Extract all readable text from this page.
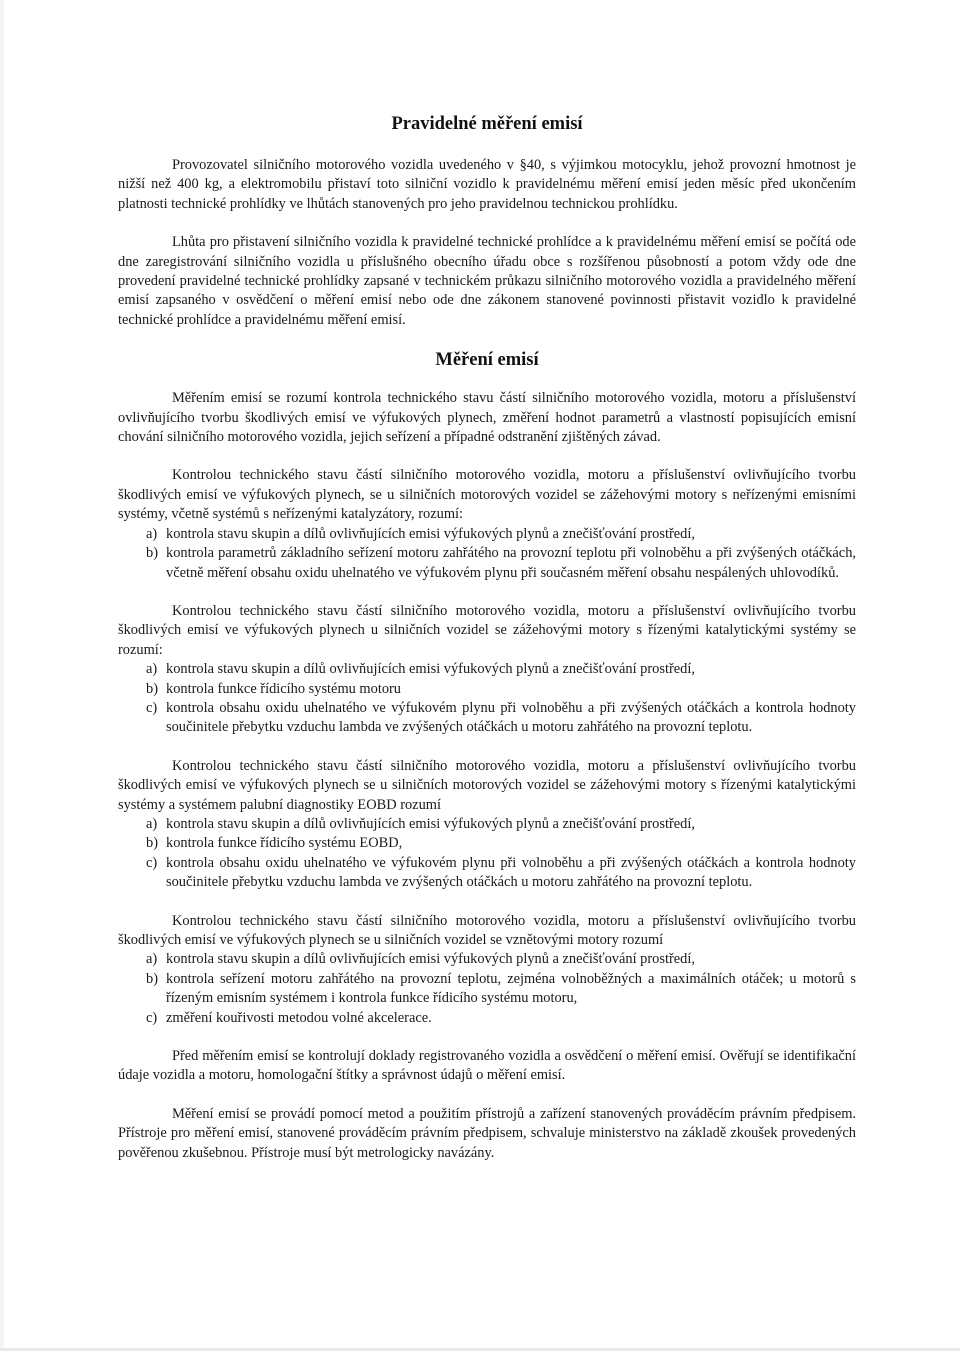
Pravidelné měření emisí

Provozovatel silničního motorového vozidla uvedeného v §40, s výjimkou motocyklu, jehož provozní hmotnost je nižší než 400 kg, a elektromobilu přistaví toto silniční vozidlo k pravidelnému měření emisí jeden měsíc před ukončením platnosti technické prohlídky ve lhůtách stanovených pro jeho pravidelnou technickou prohlídku.

Lhůta pro přistavení silničního vozidla k pravidelné technické prohlídce a k pravidelnému měření emisí se počítá ode dne zaregistrování silničního vozidla u příslušného obecního úřadu obce s rozšířenou působností a potom vždy ode dne provedení pravidelné technické prohlídky zapsané v technickém průkazu silničního motorového vozidla a pravidelného měření emisí zapsaného v osvědčení o měření emisí nebo ode dne zákonem stanovené povinnosti přistavit vozidlo k pravidelné technické prohlídce a pravidelnému měření emisí.

Měření emisí

Měřením emisí se rozumí kontrola technického stavu částí silničního motorového vozidla, motoru a příslušenství ovlivňujícího tvorbu škodlivých emisí ve výfukových plynech, změření hodnot parametrů a vlastností popisujících emisní chování silničního motorového vozidla, jejich seřízení a případné odstranění zjištěných závad.

Kontrolou technického stavu částí silničního motorového vozidla, motoru a příslušenství ovlivňujícího tvorbu škodlivých emisí ve výfukových plynech, se u silničních motorových vozidel se zážehovými motory s neřízenými emisními systémy, včetně systémů s neřízenými katalyzátory, rozumí:

a) kontrola stavu skupin a dílů ovlivňujících emisi výfukových plynů a znečišťování prostředí,
b) kontrola parametrů základního seřízení motoru zahřátého na provozní teplotu při volnoběhu a při zvýšených otáčkách, včetně měření obsahu oxidu uhelnatého ve výfukovém plynu při současném měření obsahu nespálených uhlovodíků.

Kontrolou technického stavu částí silničního motorového vozidla, motoru a příslušenství ovlivňujícího tvorbu škodlivých emisí ve výfukových plynech u silničních vozidel se zážehovými motory s řízenými katalytickými systémy se rozumí:

a) kontrola stavu skupin a dílů ovlivňujících emisi výfukových plynů a znečišťování prostředí,
b) kontrola funkce řídicího systému motoru
c) kontrola obsahu oxidu uhelnatého ve výfukovém plynu při volnoběhu a při zvýšených otáčkách a kontrola hodnoty součinitele přebytku vzduchu lambda ve zvýšených otáčkách u motoru zahřátého na provozní teplotu.

Kontrolou technického stavu částí silničního motorového vozidla, motoru a příslušenství ovlivňujícího tvorbu škodlivých emisí ve výfukových plynech se u silničních motorových vozidel se zážehovými motory s řízenými katalytickými systémy a systémem palubní diagnostiky EOBD rozumí

a) kontrola stavu skupin a dílů ovlivňujících emisi výfukových plynů a znečišťování prostředí,
b) kontrola funkce řídicího systému EOBD,
c) kontrola obsahu oxidu uhelnatého ve výfukovém plynu při volnoběhu a při zvýšených otáčkách a kontrola hodnoty součinitele přebytku vzduchu lambda ve zvýšených otáčkách u motoru zahřátého na provozní teplotu.

Kontrolou technického stavu částí silničního motorového vozidla, motoru a příslušenství ovlivňujícího tvorbu škodlivých emisí ve výfukových plynech se u silničních vozidel se vznětovými motory rozumí

a) kontrola stavu skupin a dílů ovlivňujících emisi výfukových plynů a znečišťování prostředí,
b) kontrola seřízení motoru zahřátého na provozní teplotu, zejména volnoběžných a maximálních otáček; u motorů s řízeným emisním systémem i kontrola funkce řídicího systému motoru,
c) změření kouřivosti metodou volné akcelerace.

Před měřením emisí se kontrolují doklady registrovaného vozidla a osvědčení o měření emisí. Ověřují se identifikační údaje vozidla a motoru, homologační štítky a správnost údajů o měření emisí.

Měření emisí se provádí pomocí metod a použitím přístrojů a zařízení stanovených prováděcím právním předpisem. Přístroje pro měření emisí, stanovené prováděcím právním předpisem, schvaluje ministerstvo na základě zkoušek provedených pověřenou zkušebnou. Přístroje musí být metrologicky navázány.
